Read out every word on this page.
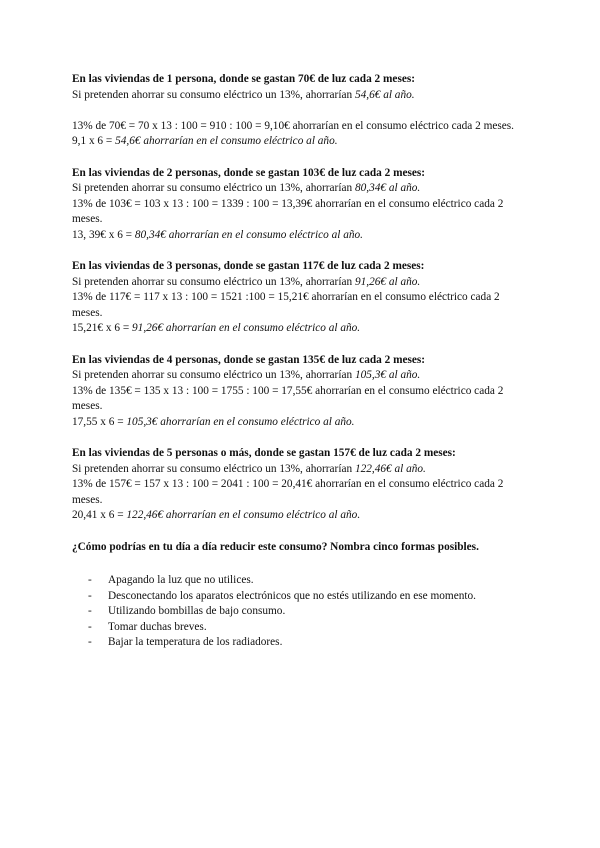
En las viviendas de 1 persona, donde se gastan 70€ de luz cada 2 meses:
Si pretenden ahorrar su consumo eléctrico un 13%, ahorrarían 54,6€ al año.
13% de 70€ = 70 x 13 : 100 = 910 : 100 = 9,10€ ahorrarían en el consumo eléctrico cada 2 meses.
9,1 x 6 = 54,6€ ahorrarían en el consumo eléctrico al año.
En las viviendas de 2 personas, donde se gastan 103€ de luz cada 2 meses:
Si pretenden ahorrar su consumo eléctrico un 13%, ahorrarían 80,34€ al año.
13% de 103€ = 103 x 13 : 100 = 1339 : 100 = 13,39€ ahorrarían en el consumo eléctrico cada 2 meses.
13, 39€ x 6 = 80,34€ ahorrarían en el consumo eléctrico al año.
En las viviendas de 3 personas, donde se gastan 117€ de luz cada 2 meses:
Si pretenden ahorrar su consumo eléctrico un 13%, ahorrarían 91,26€ al año.
13% de 117€ = 117 x 13 : 100 = 1521 :100 = 15,21€ ahorrarían en el consumo eléctrico cada 2 meses.
15,21€ x 6 = 91,26€ ahorrarían en el consumo eléctrico al año.
En las viviendas de 4 personas, donde se gastan 135€ de luz cada 2 meses:
Si pretenden ahorrar su consumo eléctrico un 13%, ahorrarían 105,3€ al año.
13% de 135€ = 135 x 13 : 100 = 1755 : 100 = 17,55€ ahorrarían en el consumo eléctrico cada 2 meses.
17,55 x 6 = 105,3€ ahorrarían en el consumo eléctrico al año.
En las viviendas de 5 personas o más, donde se gastan 157€ de luz cada 2 meses:
Si pretenden ahorrar su consumo eléctrico un 13%, ahorrarían 122,46€ al año.
13% de 157€ = 157 x 13 : 100 = 2041 : 100 = 20,41€ ahorrarían en el consumo eléctrico cada 2 meses.
20,41 x 6 = 122,46€ ahorrarían en el consumo eléctrico al año.
¿Cómo podrías en tu día a día reducir este consumo? Nombra cinco formas posibles.
- Apagando la luz que no utilices.
- Desconectando los aparatos electrónicos que no estés utilizando en ese momento.
- Utilizando bombillas de bajo consumo.
- Tomar duchas breves.
- Bajar la temperatura de los radiadores.
